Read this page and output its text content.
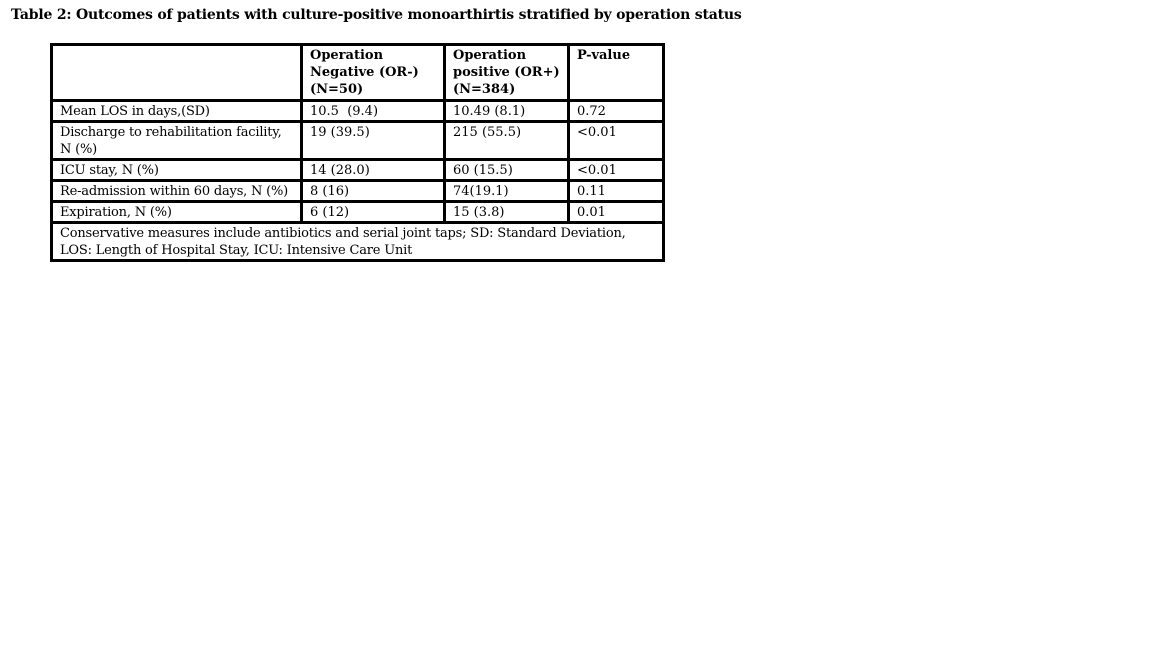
Table 2: Outcomes of patients with culture-positive monoarthirtis stratified by operation status
	Operation Negative (OR-) (N=50)	Operation positive (OR+) (N=384)	P-value
Mean LOS in days,(SD)	10.5  (9.4)	10.49 (8.1)	0.72
Discharge to rehabilitation facility, N (%)	19 (39.5)	215 (55.5)	<0.01
ICU stay, N (%)	14 (28.0)	60 (15.5)	<0.01
Re-admission within 60 days, N (%)	8 (16)	74(19.1)	0.11
Expiration, N (%)	6 (12)	15 (3.8)	0.01

Conservative measures include antibiotics and serial joint taps; SD: Standard Deviation,
LOS: Length of Hospital Stay, ICU: Intensive Care Unit			
